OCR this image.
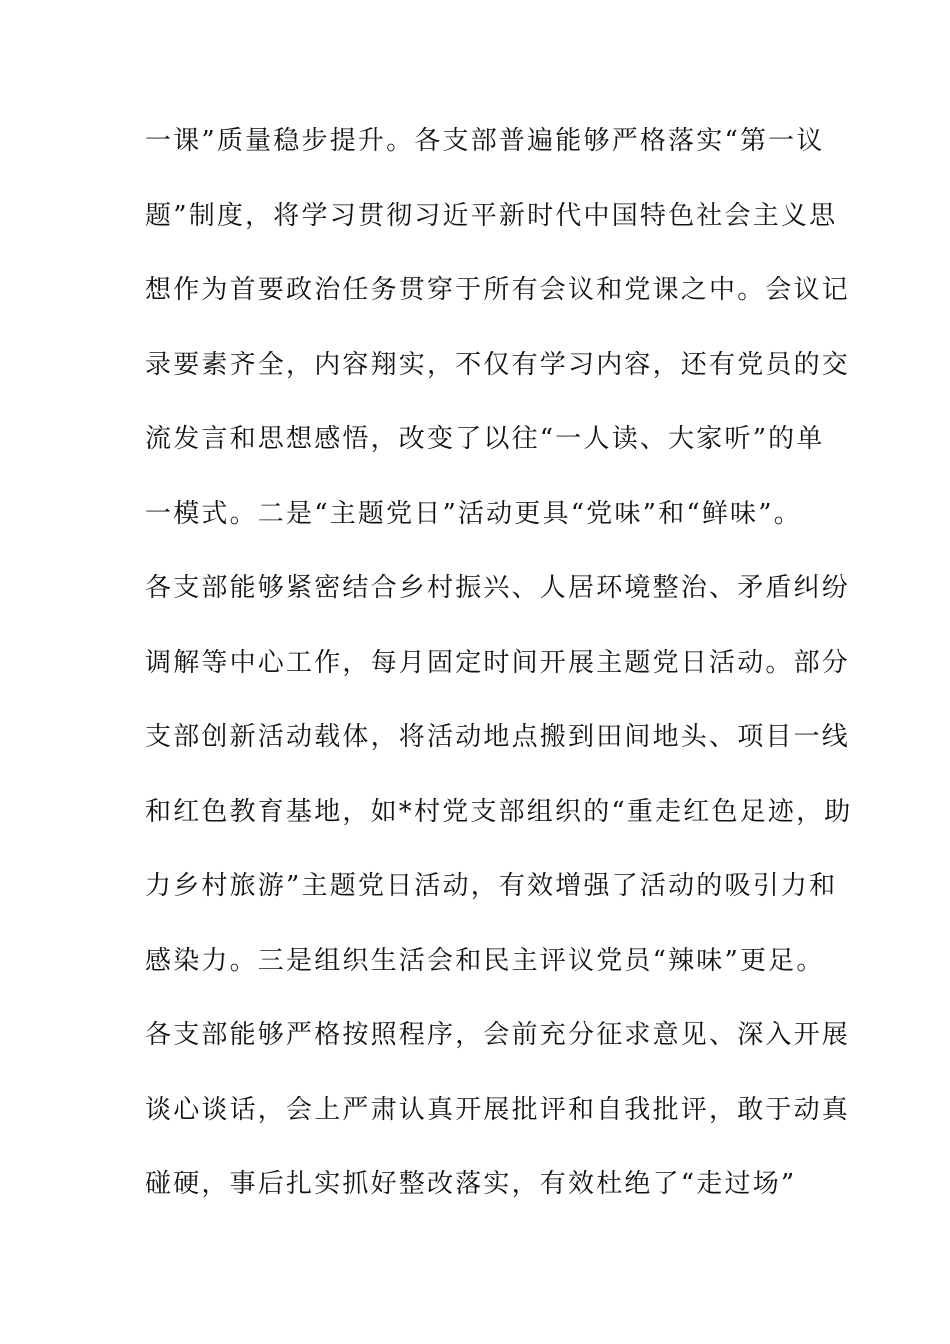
一课”质量稳步提升。各支部普遍能够严格落实“第一议
题”制度，将学习贯彻习近平新时代中国特色社会主义思
想作为首要政治任务贯穿于所有会议和党课之中。会议记
录要素齐全，内容翔实，不仅有学习内容，还有党员的交
流发言和思想感悟，改变了以往“一人读、大家听”的单
一模式。二是“主题党日”活动更具“党味”和“鲜味”。
各支部能够紧密结合乡村振兴、人居环境整治、矛盾纠纷
调解等中心工作，每月固定时间开展主题党日活动。部分
支部创新活动载体，将活动地点搬到田间地头、项目一线
和红色教育基地，如*村党支部组织的“重走红色足迹，助
力乡村旅游”主题党日活动，有效增强了活动的吸引力和
感染力。三是组织生活会和民主评议党员“辣味”更足。
各支部能够严格按照程序，会前充分征求意见、深入开展
谈心谈话，会上严肃认真开展批评和自我批评，敢于动真
碰硬，事后扎实抓好整改落实，有效杜绝了“走过场”
